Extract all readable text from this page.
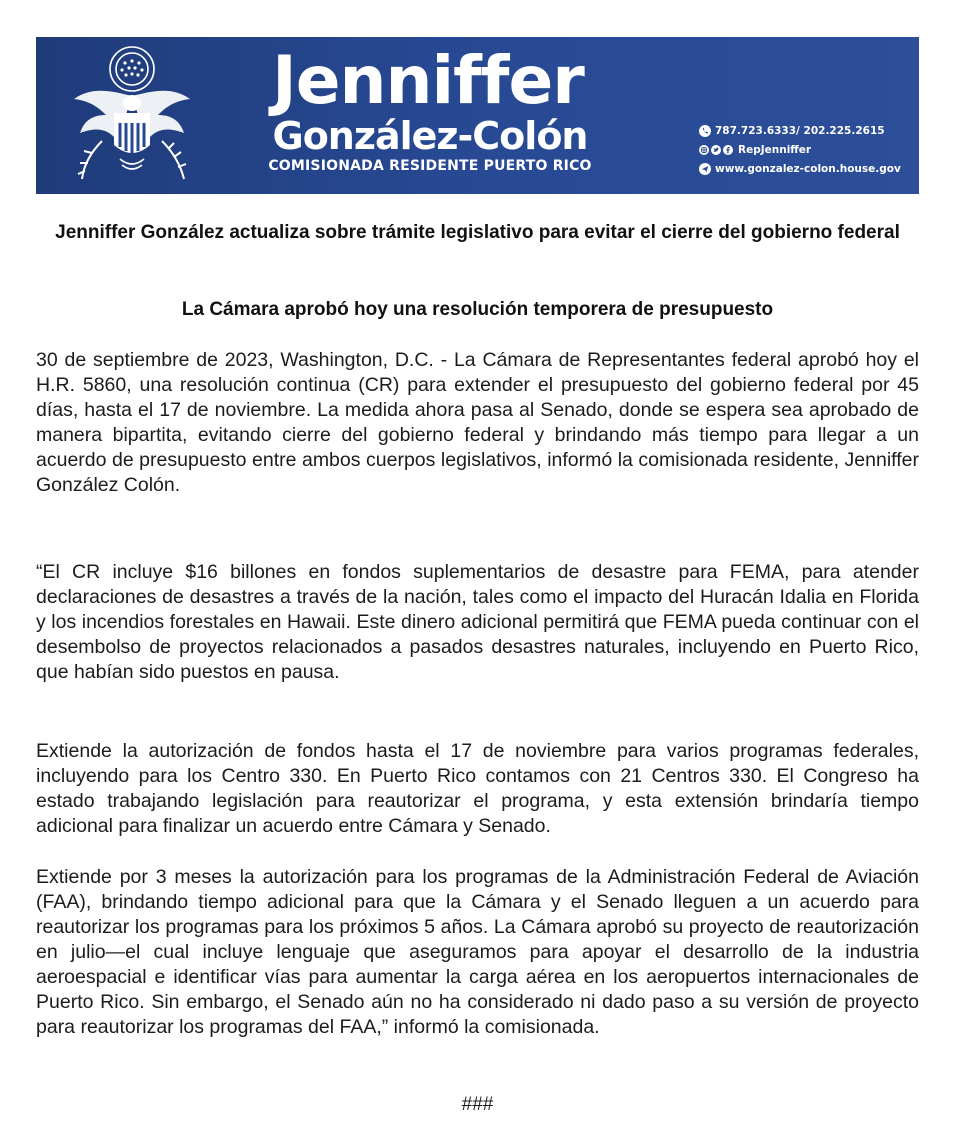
Jenniffer
González-Colón
COMISIONADA RESIDENTE PUERTO RICO
787.723.6333/ 202.225.2615
RepJenniffer
www.gonzalez-colon.house.gov
Jenniffer González actualiza sobre trámite legislativo para evitar el cierre del gobierno federal
La Cámara aprobó hoy una resolución temporera de presupuesto

30 de septiembre de 2023, Washington, D.C. - La Cámara de Representantes federal aprobó hoy el H.R. 5860, una resolución continua (CR) para extender el presupuesto del gobierno federal por 45 días, hasta el 17 de noviembre. La medida ahora pasa al Senado, donde se espera sea aprobado de manera bipartita, evitando cierre del gobierno federal y brindando más tiempo para llegar a un acuerdo de presupuesto entre ambos cuerpos legislativos, informó la comisionada residente, Jenniffer González Colón.

“El CR incluye $16 billones en fondos suplementarios de desastre para FEMA, para atender declaraciones de desastres a través de la nación, tales como el impacto del Huracán Idalia en Florida y los incendios forestales en Hawaii. Este dinero adicional permitirá que FEMA pueda continuar con el desembolso de proyectos relacionados a pasados desastres naturales, incluyendo en Puerto Rico, que habían sido puestos en pausa.

Extiende la autorización de fondos hasta el 17 de noviembre para varios programas federales, incluyendo para los Centro 330. En Puerto Rico contamos con 21 Centros 330. El Congreso ha estado trabajando legislación para reautorizar el programa, y esta extensión brindaría tiempo adicional para finalizar un acuerdo entre Cámara y Senado.

Extiende por 3 meses la autorización para los programas de la Administración Federal de Aviación (FAA), brindando tiempo adicional para que la Cámara y el Senado lleguen a un acuerdo para reautorizar los programas para los próximos 5 años. La Cámara aprobó su proyecto de reautorización en julio—el cual incluye lenguaje que aseguramos para apoyar el desarrollo de la industria aeroespacial e identificar vías para aumentar la carga aérea en los aeropuertos internacionales de Puerto Rico. Sin embargo, el Senado aún no ha considerado ni dado paso a su versión de proyecto para reautorizar los programas del FAA,” informó la comisionada.

###
